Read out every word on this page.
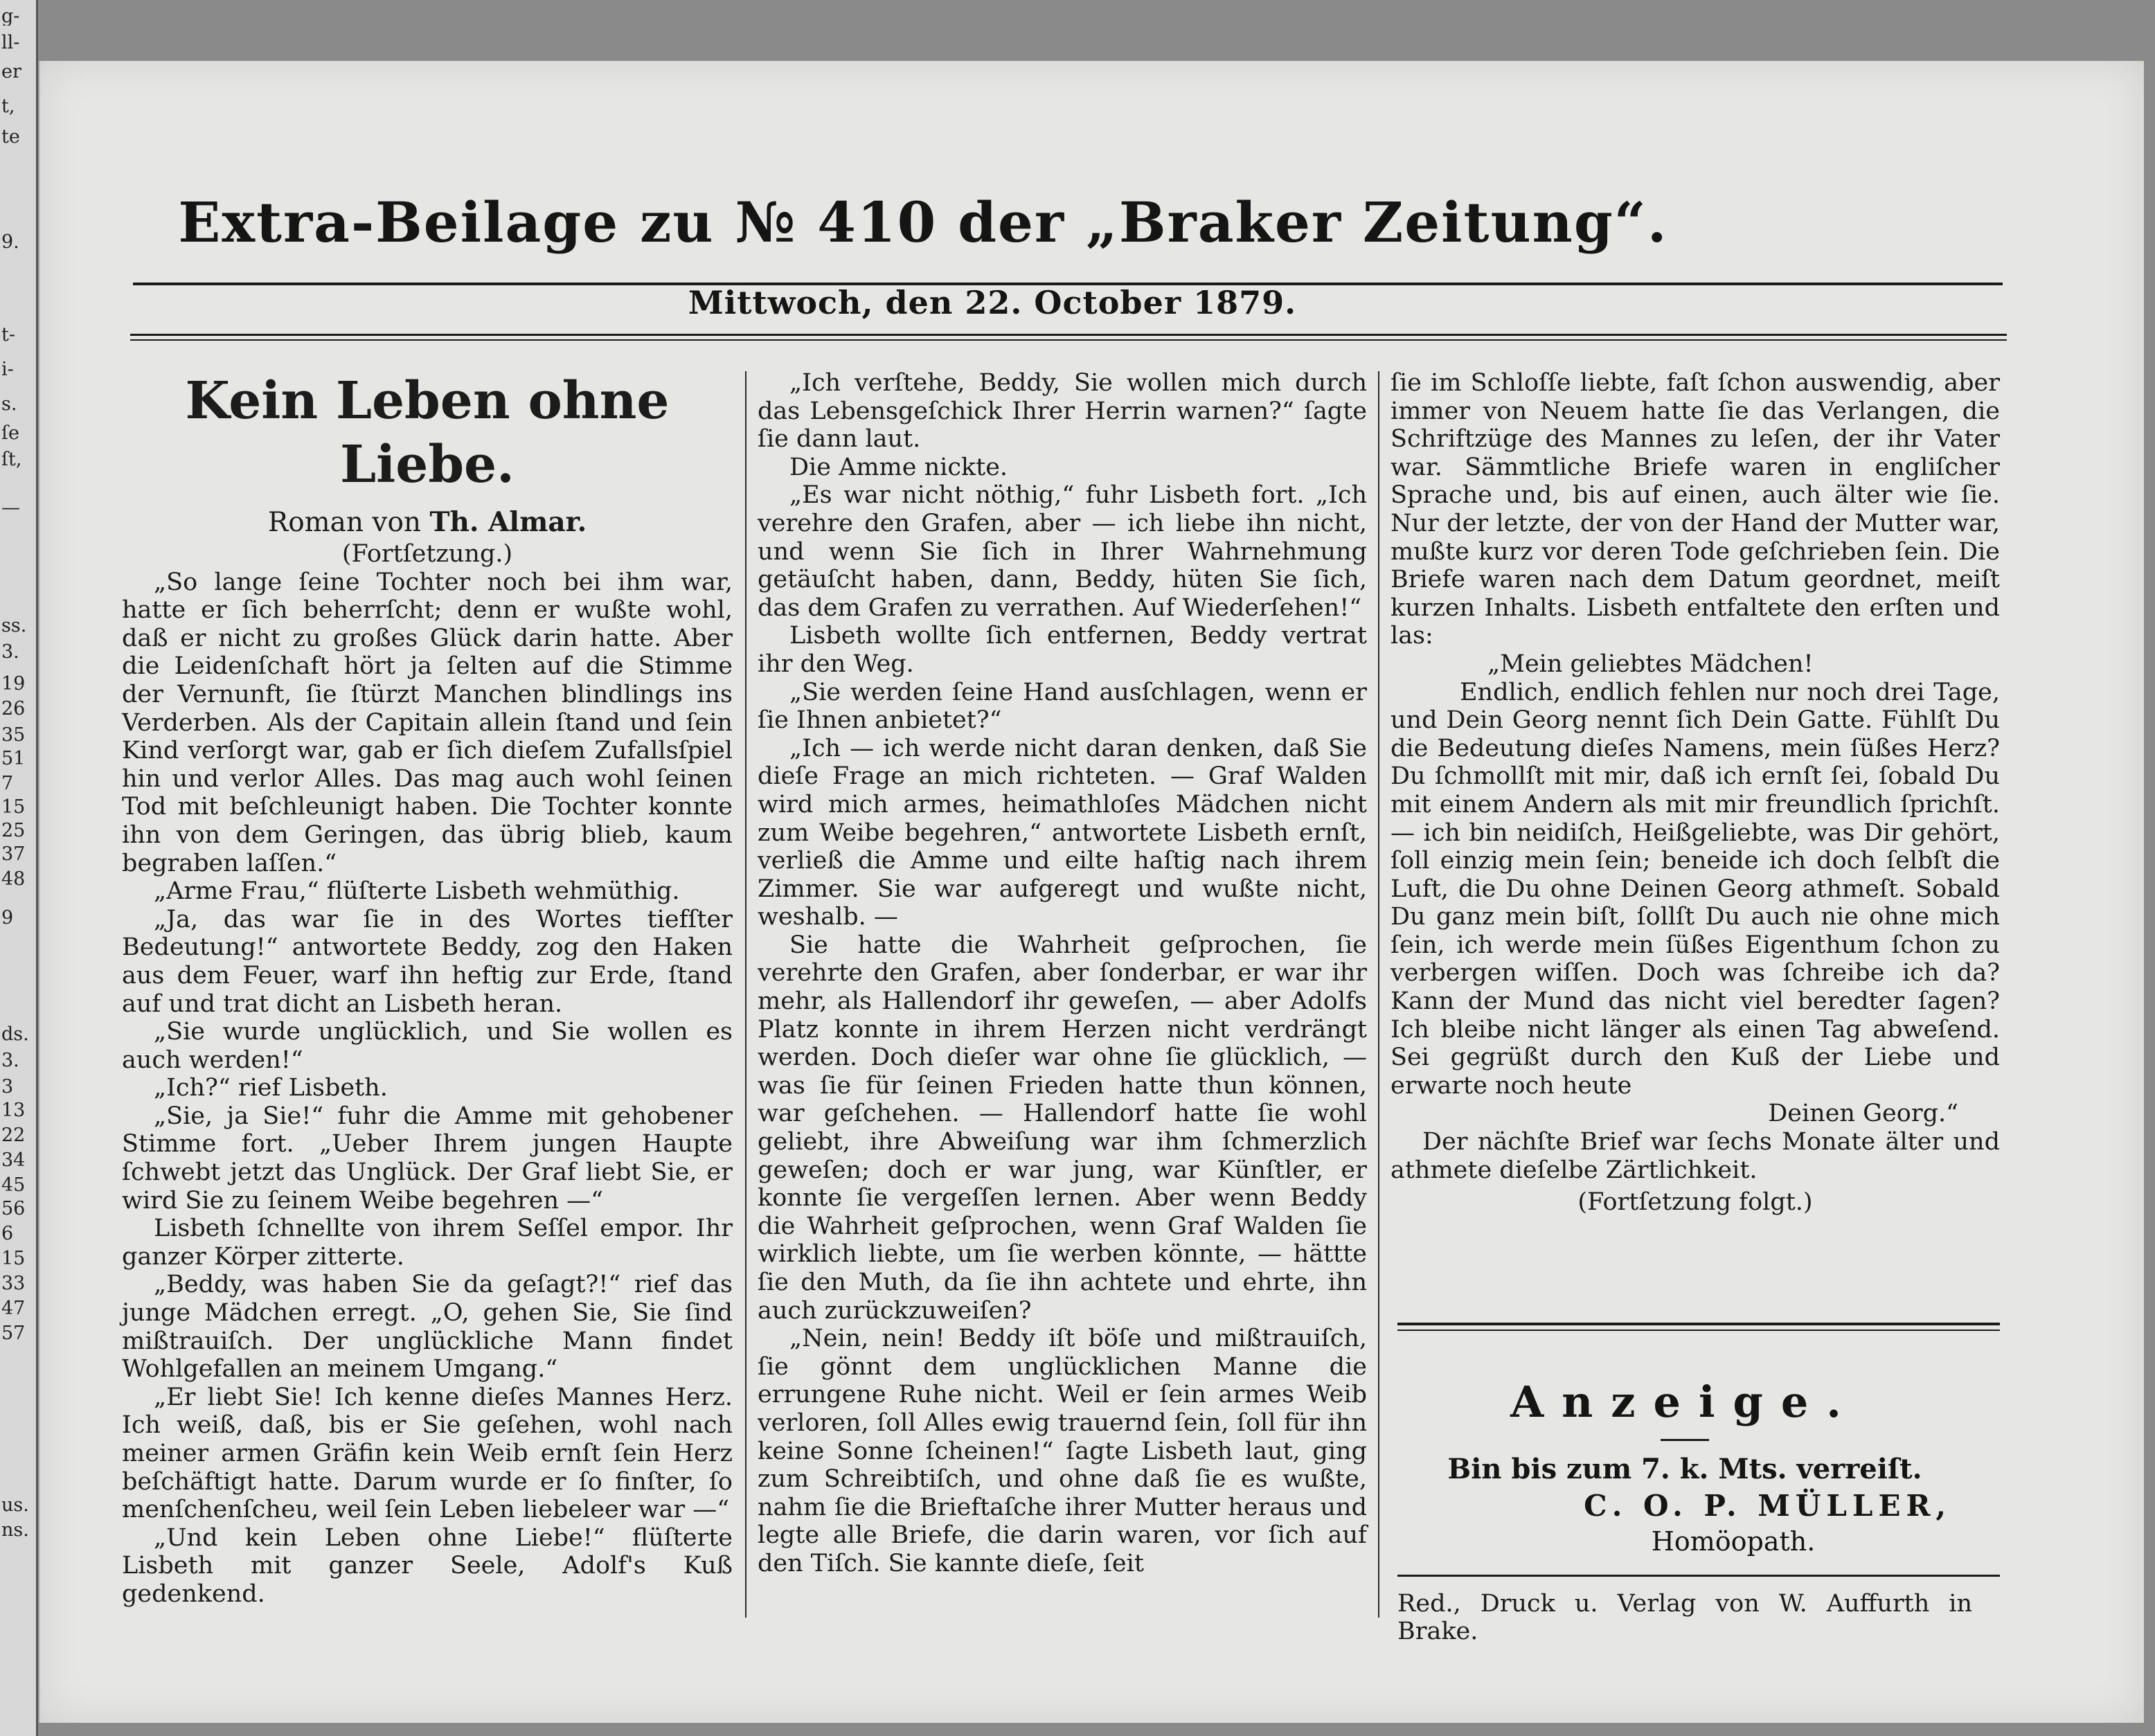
g-
ll-
er
t,
te
9.
t-
i-
s.
ſe
ſt,
—
ss.
3.
19
26
35
51
7
15
25
37
48
9
ds.
3.
3
13
22
34
45
56
6
15
33
47
57
us.
ns.
Extra-Beilage zu № 410 der „Braker Zeitung“.
Mittwoch, den 22. October 1879.

Kein Leben ohne Liebe.

Roman von Th. Almar.

(Fortſetzung.)

„So lange ſeine Tochter noch bei ihm war, hatte er ſich beherrſcht; denn er wußte wohl, daß er nicht zu großes Glück darin hatte. Aber die Leidenſchaft hört ja ſelten auf die Stimme der Vernunft, ſie ſtürzt Manchen blindlings ins Verderben. Als der Capitain allein ſtand und ſein Kind verſorgt war, gab er ſich dieſem Zufallsſpiel hin und verlor Alles. Das mag auch wohl ſeinen Tod mit beſchleunigt haben. Die Tochter konnte ihn von dem Geringen, das übrig blieb, kaum begraben laſſen.“

„Arme Frau,“ flüſterte Lisbeth wehmüthig.

„Ja, das war ſie in des Wortes tiefſter Bedeutung!“ antwortete Beddy, zog den Haken aus dem Feuer, warf ihn heftig zur Erde, ſtand auf und trat dicht an Lisbeth heran.

„Sie wurde unglücklich, und Sie wollen es auch werden!“

„Ich?“ rief Lisbeth.

„Sie, ja Sie!“ fuhr die Amme mit gehobener Stimme fort. „Ueber Ihrem jungen Haupte ſchwebt jetzt das Unglück. Der Graf liebt Sie, er wird Sie zu ſeinem Weibe begehren —“

Lisbeth ſchnellte von ihrem Seſſel empor. Ihr ganzer Körper zitterte.

„Beddy, was haben Sie da geſagt?!“ rief das junge Mädchen erregt. „O, gehen Sie, Sie ſind mißtrauiſch. Der unglückliche Mann findet Wohlgefallen an meinem Umgang.“

„Er liebt Sie! Ich kenne dieſes Mannes Herz. Ich weiß, daß, bis er Sie geſehen, wohl nach meiner armen Gräfin kein Weib ernſt ſein Herz beſchäftigt hatte. Darum wurde er ſo finſter, ſo menſchenſcheu, weil ſein Leben liebeleer war —“

„Und kein Leben ohne Liebe!“ flüſterte Lisbeth mit ganzer Seele, Adolf's Kuß gedenkend.

„Ich verſtehe, Beddy, Sie wollen mich durch das Lebensgeſchick Ihrer Herrin warnen?“ ſagte ſie dann laut.

Die Amme nickte.

„Es war nicht nöthig,“ fuhr Lisbeth fort. „Ich verehre den Grafen, aber — ich liebe ihn nicht, und wenn Sie ſich in Ihrer Wahrnehmung getäuſcht haben, dann, Beddy, hüten Sie ſich, das dem Grafen zu verrathen. Auf Wiederſehen!“

Lisbeth wollte ſich entfernen, Beddy vertrat ihr den Weg.

„Sie werden ſeine Hand ausſchlagen, wenn er ſie Ihnen anbietet?“

„Ich — ich werde nicht daran denken, daß Sie dieſe Frage an mich richteten. — Graf Walden wird mich armes, heimathloſes Mädchen nicht zum Weibe begehren,“ antwortete Lisbeth ernſt, verließ die Amme und eilte haſtig nach ihrem Zimmer. Sie war aufgeregt und wußte nicht, weshalb. —

Sie hatte die Wahrheit geſprochen, ſie verehrte den Grafen, aber ſonderbar, er war ihr mehr, als Hallendorf ihr geweſen, — aber Adolfs Platz konnte in ihrem Herzen nicht verdrängt werden. Doch dieſer war ohne ſie glücklich, — was ſie für ſeinen Frieden hatte thun können, war geſchehen. — Hallendorf hatte ſie wohl geliebt, ihre Abweiſung war ihm ſchmerzlich geweſen; doch er war jung, war Künſtler, er konnte ſie vergeſſen lernen. Aber wenn Beddy die Wahrheit geſprochen, wenn Graf Walden ſie wirklich liebte, um ſie werben könnte, — hättte ſie den Muth, da ſie ihn achtete und ehrte, ihn auch zurückzuweiſen?

„Nein, nein! Beddy iſt böſe und mißtrauiſch, ſie gönnt dem unglücklichen Manne die errungene Ruhe nicht. Weil er ſein armes Weib verloren, ſoll Alles ewig trauernd ſein, ſoll für ihn keine Sonne ſcheinen!“ ſagte Lisbeth laut, ging zum Schreibtiſch, und ohne daß ſie es wußte, nahm ſie die Brieftaſche ihrer Mutter heraus und legte alle Briefe, die darin waren, vor ſich auf den Tiſch. Sie kannte dieſe, ſeit

ſie im Schloſſe liebte, faſt ſchon auswendig, aber immer von Neuem hatte ſie das Verlangen, die Schriftzüge des Mannes zu leſen, der ihr Vater war. Sämmtliche Briefe waren in engliſcher Sprache und, bis auf einen, auch älter wie ſie. Nur der letzte, der von der Hand der Mutter war, mußte kurz vor deren Tode geſchrieben ſein. Die Briefe waren nach dem Datum geordnet, meiſt kurzen Inhalts. Lisbeth entfaltete den erſten und las:

„Mein geliebtes Mädchen!

Endlich, endlich fehlen nur noch drei Tage, und Dein Georg nennt ſich Dein Gatte. Fühlſt Du die Bedeutung dieſes Namens, mein ſüßes Herz? Du ſchmollſt mit mir, daß ich ernſt ſei, ſobald Du mit einem Andern als mit mir freundlich ſprichſt. — ich bin neidiſch, Heißgeliebte, was Dir gehört, ſoll einzig mein ſein; beneide ich doch ſelbſt die Luft, die Du ohne Deinen Georg athmeſt. Sobald Du ganz mein biſt, ſollſt Du auch nie ohne mich ſein, ich werde mein ſüßes Eigenthum ſchon zu verbergen wiſſen. Doch was ſchreibe ich da? Kann der Mund das nicht viel beredter ſagen? Ich bleibe nicht länger als einen Tag abweſend. Sei gegrüßt durch den Kuß der Liebe und erwarte noch heute

Deinen Georg.“

Der nächſte Brief war ſechs Monate älter und athmete dieſelbe Zärtlichkeit.

(Fortſetzung folgt.)

Anzeige.
Bin bis zum 7. k. Mts. verreiſt.
C. O. P. MÜLLER,
Homöopath.
Red., Druck u. Verlag von W. Auffurth in Brake.
